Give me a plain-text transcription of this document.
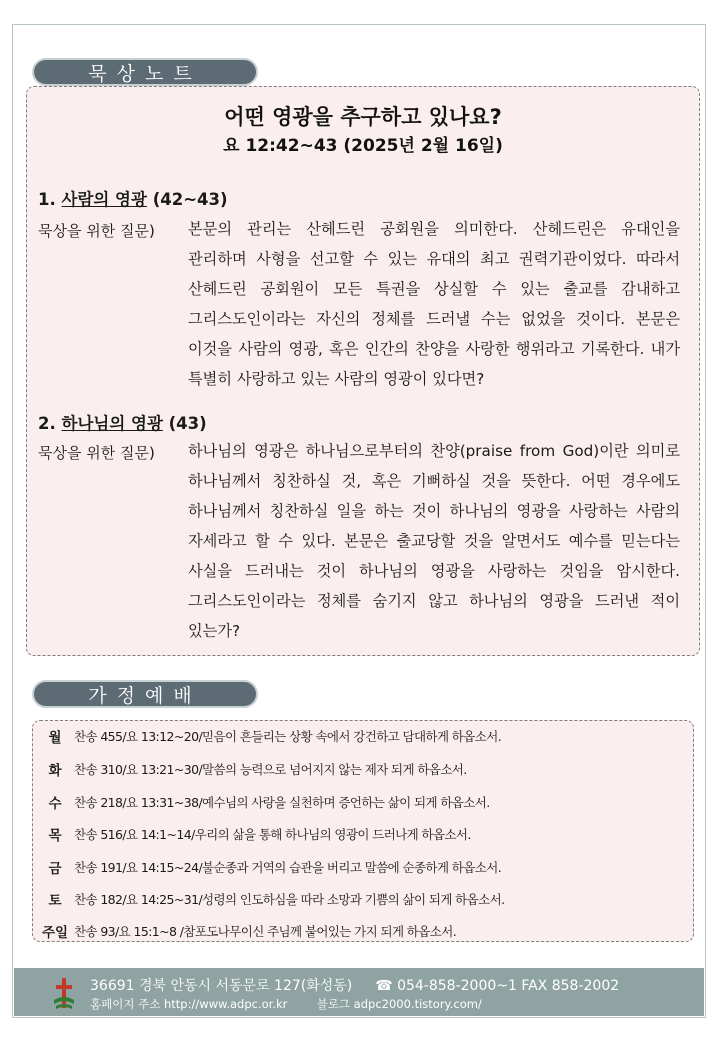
묵상노트
어떤 영광을 추구하고 있나요?
요 12:42~43 (2025년 2월 16일)
1. 사람의 영광 (42~43)
묵상을 위한 질문) 본문의 관리는 산헤드린 공회원을 의미한다. 산헤드린은 유대인을 관리하며 사형을 선고할 수 있는 유대의 최고 권력기관이었다. 따라서 산헤드린 공회원이 모든 특권을 상실할 수 있는 출교를 감내하고 그리스도인이라는 자신의 정체를 드러낼 수는 없었을 것이다. 본문은 이것을 사람의 영광, 혹은 인간의 찬양을 사랑한 행위라고 기록한다. 내가 특별히 사랑하고 있는 사람의 영광이 있다면?
2. 하나님의 영광 (43)
묵상을 위한 질문) 하나님의 영광은 하나님으로부터의 찬양(praise from God)이란 의미로 하나님께서 칭찬하실 것, 혹은 기뻐하실 것을 뜻한다. 어떤 경우에도 하나님께서 칭찬하실 일을 하는 것이 하나님의 영광을 사랑하는 사람의 자세라고 할 수 있다. 본문은 출교당할 것을 알면서도 예수를 믿는다는 사실을 드러내는 것이 하나님의 영광을 사랑하는 것임을 암시한다. 그리스도인이라는 정체를 숨기지 않고 하나님의 영광을 드러낸 적이 있는가?
가정예배
월 찬송 455/요 13:12~20/믿음이 흔들리는 상황 속에서 강건하고 담대하게 하옵소서.
화 찬송 310/요 13:21~30/말씀의 능력으로 넘어지지 않는 제자 되게 하옵소서.
수 찬송 218/요 13:31~38/예수님의 사랑을 실천하며 증언하는 삶이 되게 하옵소서.
목 찬송 516/요 14:1~14/우리의 삶을 통해 하나님의 영광이 드러나게 하옵소서.
금 찬송 191/요 14:15~24/불순종과 거역의 습관을 버리고 말씀에 순종하게 하옵소서.
토 찬송 182/요 14:25~31/성령의 인도하심을 따라 소망과 기쁨의 삶이 되게 하옵소서.
주일 찬송 93/요 15:1~8 /참포도나무이신 주님께 붙어있는 가지 되게 하옵소서.
36691 경북 안동시 서동문로 127(화성동) ☎ 054-858-2000~1 FAX 858-2002
홈페이지 주소 http://www.adpc.or.kr	블로그 adpc2000.tistory.com/
